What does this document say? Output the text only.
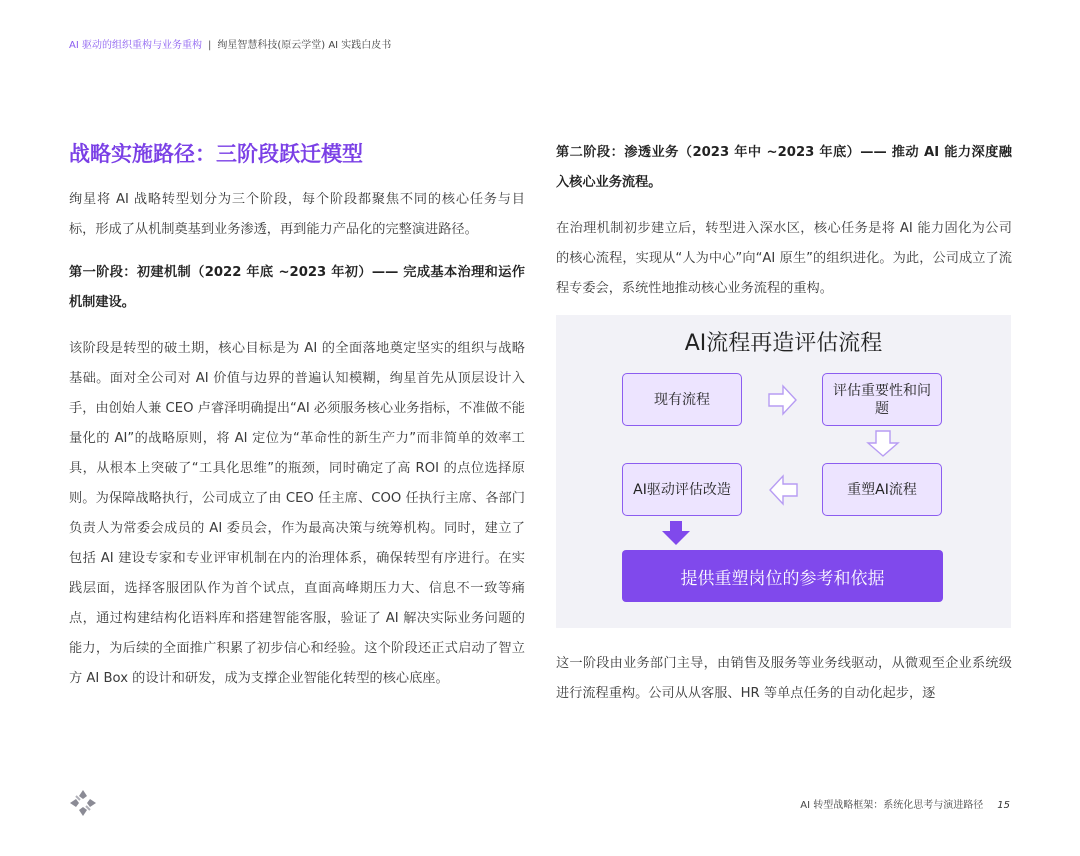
AI 驱动的组织重构与业务重构 | 绚星智慧科技(原云学堂) AI 实践白皮书
战略实施路径：三阶段跃迁模型

绚星将 AI 战略转型划分为三个阶段，每个阶段都聚焦不同的核心任务与目标，形成了从机制奠基到业务渗透，再到能力产品化的完整演进路径。

第一阶段：初建机制（2022 年底 ~2023 年初）—— 完成基本治理和运作机制建设。

该阶段是转型的破土期，核心目标是为 AI 的全面落地奠定坚实的组织与战略基础。面对全公司对 AI 价值与边界的普遍认知模糊，绚星首先从顶层设计入手，由创始人兼 CEO 卢睿泽明确提出“AI 必须服务核心业务指标，不准做不能量化的 AI”的战略原则，将 AI 定位为“革命性的新生产力”而非简单的效率工具，从根本上突破了“工具化思维”的瓶颈，同时确定了高 ROI 的点位选择原则。为保障战略执行，公司成立了由 CEO 任主席、COO 任执行主席、各部门负责人为常委会成员的 AI 委员会，作为最高决策与统筹机构。同时，建立了包括 AI 建设专家和专业评审机制在内的治理体系，确保转型有序进行。在实践层面，选择客服团队作为首个试点，直面高峰期压力大、信息不一致等痛点，通过构建结构化语料库和搭建智能客服，验证了 AI 解决实际业务问题的能力，为后续的全面推广积累了初步信心和经验。这个阶段还正式启动了智立方 AI Box 的设计和研发，成为支撑企业智能化转型的核心底座。

第二阶段：渗透业务（2023 年中 ~2023 年底）—— 推动 AI 能力深度融入核心业务流程。

在治理机制初步建立后，转型进入深水区，核心任务是将 AI 能力固化为公司的核心流程，实现从“人为中心”向“AI 原生”的组织进化。为此，公司成立了流程专委会，系统性地推动核心业务流程的重构。

AI流程再造评估流程
现有流程
评估重要性和问题
重塑AI流程
AI驱动评估改造
提供重塑岗位的参考和依据

这一阶段由业务部门主导，由销售及服务等业务线驱动，从微观至企业系统级进行流程重构。公司从从客服、HR 等单点任务的自动化起步，逐

AI 转型战略框架：系统化思考与演进路径 15
